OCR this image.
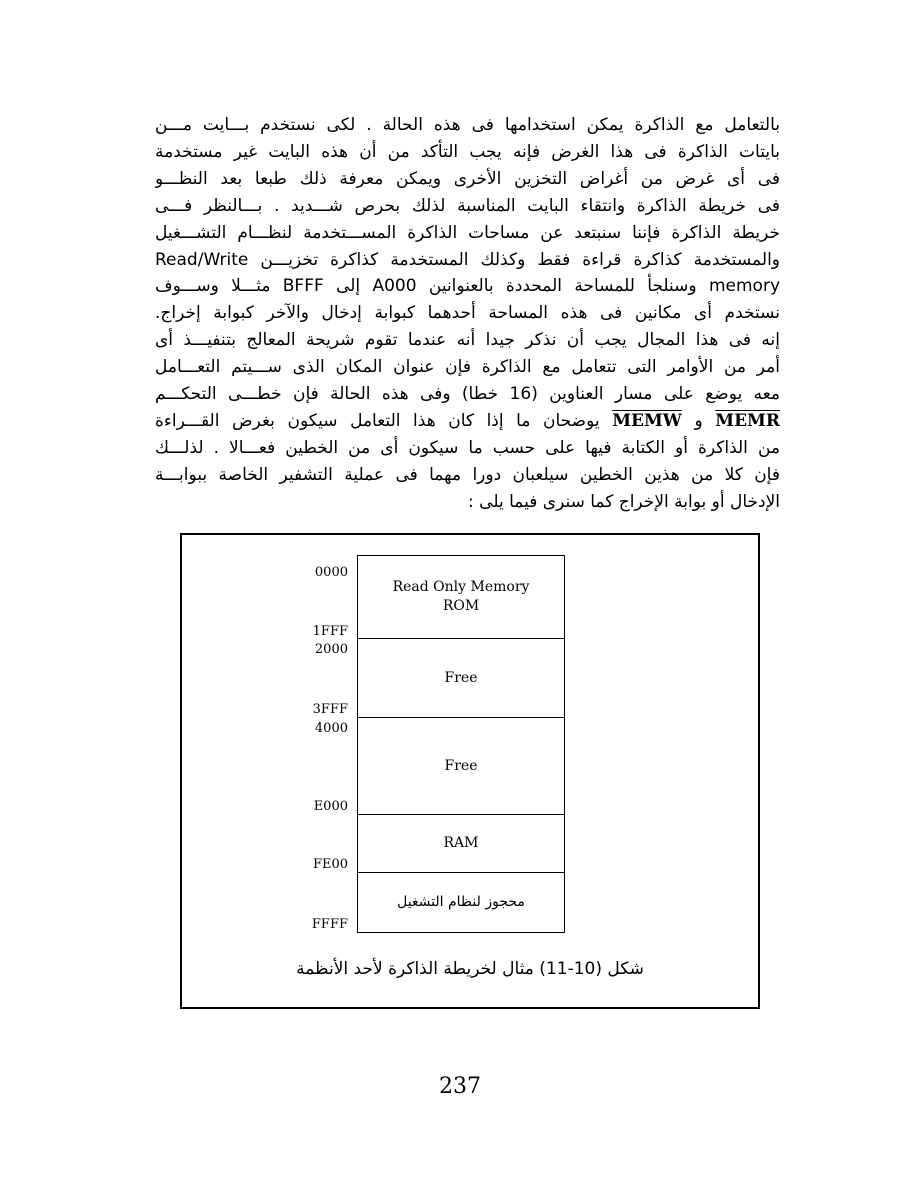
بالتعامل مع الذاكرة يمكن استخدامها فى هذه الحالة . لكى نستخدم بـــايت مـــن
بايتات الذاكرة فى هذا الغرض فإنه يجب التأكد من أن هذه البايت غير مستخدمة
فى أى غرض من أغراض التخزين الأخرى ويمكن معرفة ذلك طبعا بعد النظـــو
فى خريطة الذاكرة وانتقاء البايت المناسبة لذلك بحرص شـــديد . بـــالنظر فـــى
خريطة الذاكرة فإننا سنبتعد عن مساحات الذاكرة المســـتخدمة لنظـــام التشـــغيل
والمستخدمة كذاكرة قراءة فقط وكذلك المستخدمة كذاكرة تخزيـــن Read/Write
memory وسنلجأ للمساحة المحددة بالعنوانين A000 إلى BFFF مثـــلا وســـوف
نستخدم أى مكانين فى هذه المساحة أحدهما كبوابة إدخال والآخر كبوابة إخراج.
إنه فى هذا المجال يجب أن نذكر جيدا أنه عندما تقوم شريحة المعالج بتنفيـــذ أى
أمر من الأوامر التى تتعامل مع الذاكرة فإن عنوان المكان الذى ســـيتم التعـــامل
معه يوضع على مسار العناوين (16 خطا) وفى هذه الحالة فإن خطـــى التحكـــم
MEMR و MEMW يوضحان ما إذا كان هذا التعامل سيكون بغرض القـــراءة
من الذاكرة أو الكتابة فيها على حسب ما سيكون أى من الخطين فعـــالا . لذلـــك
فإن كلا من هذين الخطين سيلعبان دورا مهما فى عملية التشفير الخاصة ببوابـــة
الإدخال أو بوابة الإخراج كما سنرى فيما يلى :
0000
1FFF
2000
3FFF
4000
E000
FE00
FFFF
Read Only Memory
ROM
Free
Free
RAM
محجوز لنظام التشغيل
شكل (10-11) مثال لخريطة الذاكرة لأحد الأنظمة
237
